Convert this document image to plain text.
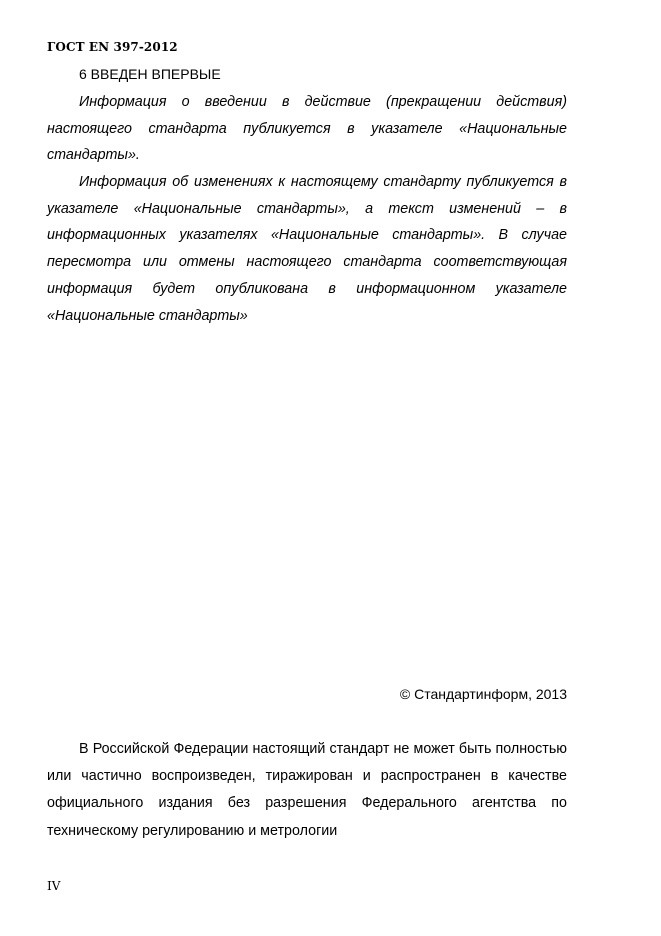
ГОСТ EN 397-2012
6 ВВЕДЕН ВПЕРВЫЕ

Информация о введении в действие (прекращении действия) настоящего стандарта публикуется в указателе «Национальные стандарты».

Информация об изменениях к настоящему стандарту публикуется в указателе «Национальные стандарты», а текст изменений – в информационных указателях «Национальные стандарты». В случае пересмотра или отмены настоящего стандарта соответствующая информация будет опубликована в информационном указателе «Национальные стандарты»

© Стандартинформ, 2013

В Российской Федерации настоящий стандарт не может быть полностью или частично воспроизведен, тиражирован и распространен в качестве официального издания без разрешения Федерального агентства по техническому регулированию и метрологии

IV
